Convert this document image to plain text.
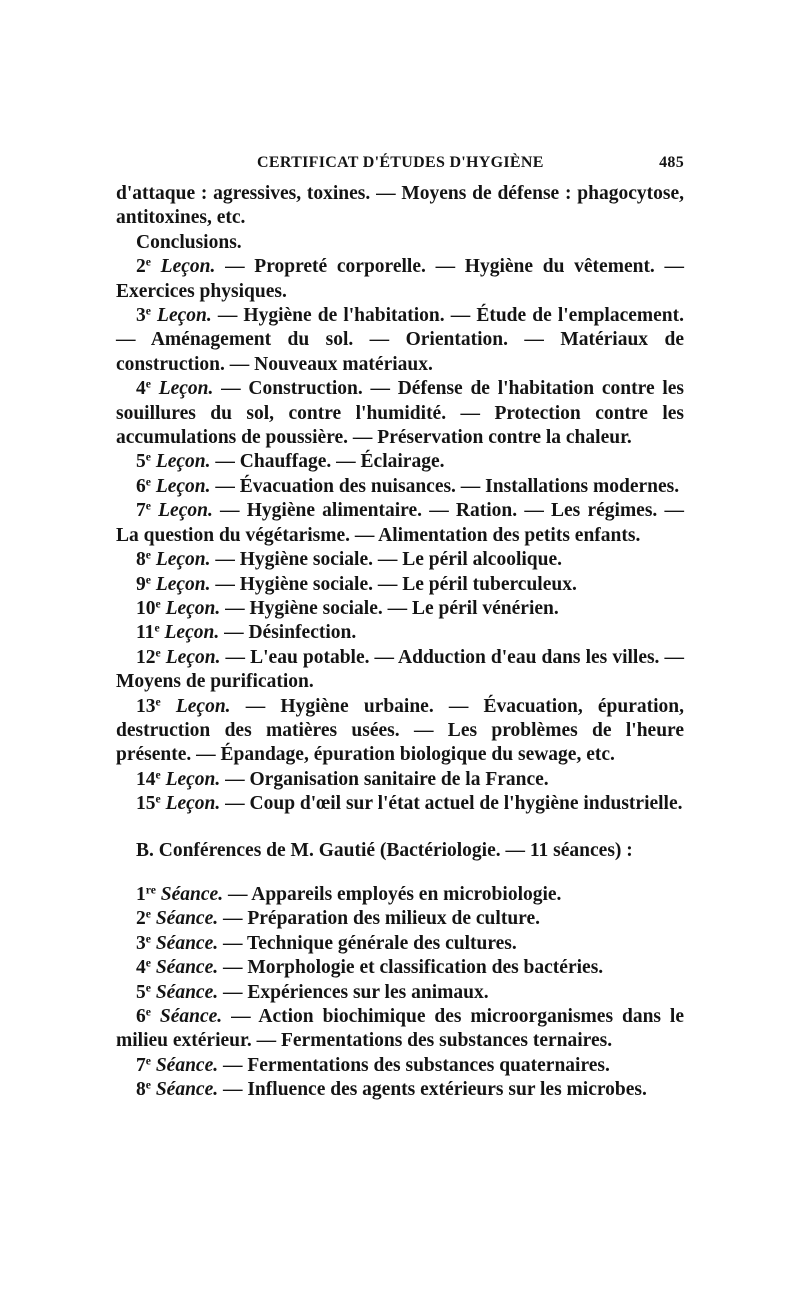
CERTIFICAT D'ÉTUDES D'HYGIÈNE	485

d'attaque : agressives, toxines. — Moyens de défense : phagocytose, antitoxines, etc.

Conclusions.

2e Leçon. — Propreté corporelle. — Hygiène du vêtement. — Exercices physiques.

3e Leçon. — Hygiène de l'habitation. — Étude de l'emplacement. — Aménagement du sol. — Orientation. — Matériaux de construction. — Nouveaux matériaux.

4e Leçon. — Construction. — Défense de l'habitation contre les souillures du sol, contre l'humidité. — Protection contre les accumulations de poussière. — Préservation contre la chaleur.

5e Leçon. — Chauffage. — Éclairage.

6e Leçon. — Évacuation des nuisances. — Installations modernes.

7e Leçon. — Hygiène alimentaire. — Ration. — Les régimes. — La question du végétarisme. — Alimentation des petits enfants.

8e Leçon. — Hygiène sociale. — Le péril alcoolique.

9e Leçon. — Hygiène sociale. — Le péril tuberculeux.

10e Leçon. — Hygiène sociale. — Le péril vénérien.

11e Leçon. — Désinfection.

12e Leçon. — L'eau potable. — Adduction d'eau dans les villes. — Moyens de purification.

13e Leçon. — Hygiène urbaine. — Évacuation, épuration, destruction des matières usées. — Les problèmes de l'heure présente. — Épandage, épuration biologique du sewage, etc.

14e Leçon. — Organisation sanitaire de la France.

15e Leçon. — Coup d'œil sur l'état actuel de l'hygiène industrielle.

B. Conférences de M. Gautié (Bactériologie. — 11 séances) :

1re Séance. — Appareils employés en microbiologie.

2e Séance. — Préparation des milieux de culture.

3e Séance. — Technique générale des cultures.

4e Séance. — Morphologie et classification des bactéries.

5e Séance. — Expériences sur les animaux.

6e Séance. — Action biochimique des microorganismes dans le milieu extérieur. — Fermentations des substances ternaires.

7e Séance. — Fermentations des substances quaternaires.

8e Séance. — Influence des agents extérieurs sur les microbes.
